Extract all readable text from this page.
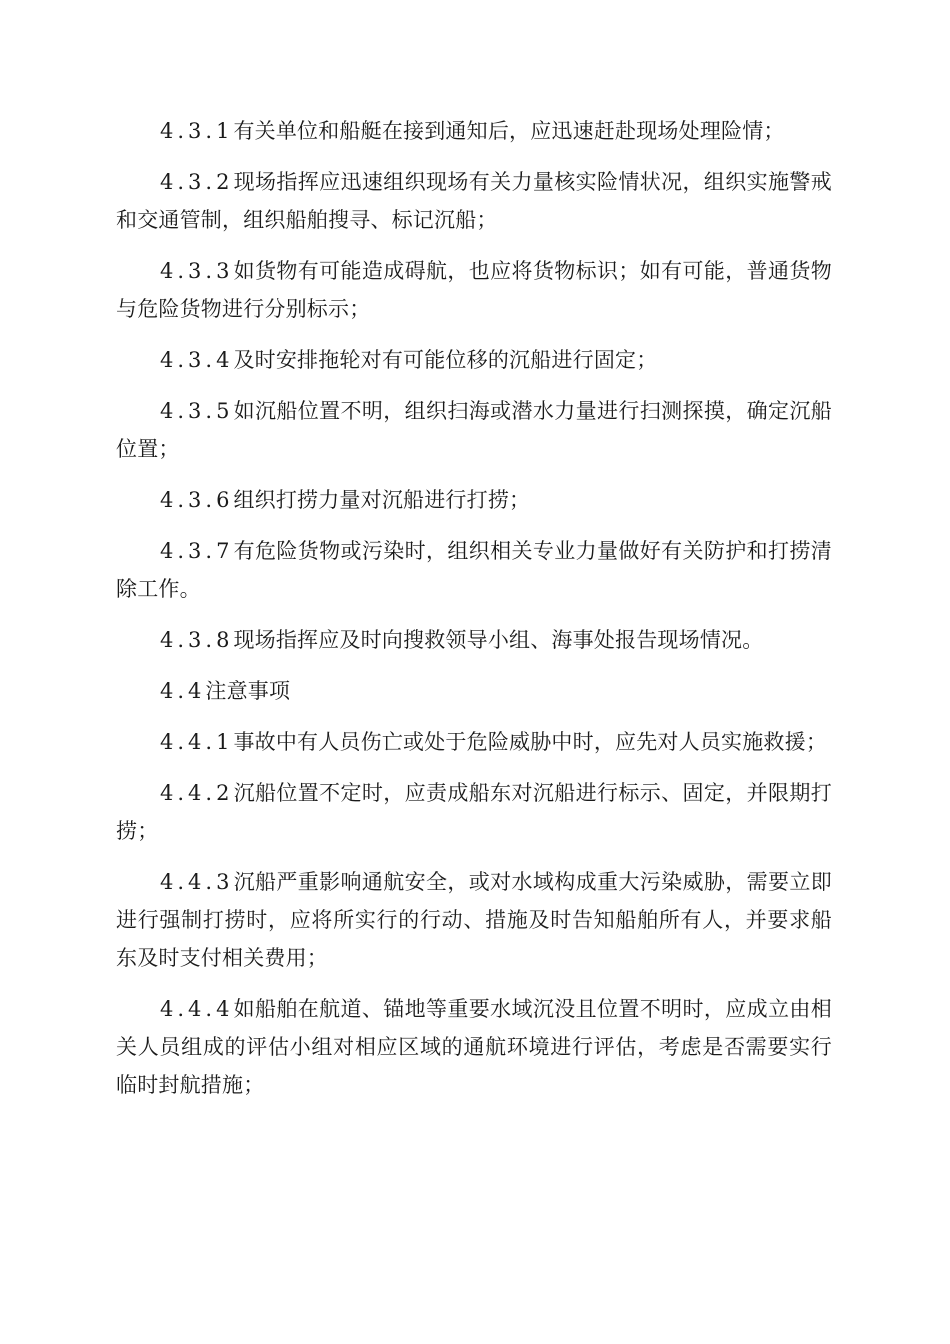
4.3.1有关单位和船艇在接到通知后，应迅速赶赴现场处理险情；

4.3.2现场指挥应迅速组织现场有关力量核实险情状况，组织实施警戒和交通管制，组织船舶搜寻、标记沉船；

4.3.3如货物有可能造成碍航，也应将货物标识；如有可能，普通货物与危险货物进行分别标示；

4.3.4及时安排拖轮对有可能位移的沉船进行固定；

4.3.5如沉船位置不明，组织扫海或潜水力量进行扫测探摸，确定沉船位置；

4.3.6组织打捞力量对沉船进行打捞；

4.3.7有危险货物或污染时，组织相关专业力量做好有关防护和打捞清除工作。

4.3.8现场指挥应及时向搜救领导小组、海事处报告现场情况。

4.4注意事项

4.4.1事故中有人员伤亡或处于危险威胁中时，应先对人员实施救援；

4.4.2沉船位置不定时，应责成船东对沉船进行标示、固定，并限期打捞；

4.4.3沉船严重影响通航安全，或对水域构成重大污染威胁，需要立即进行强制打捞时，应将所实行的行动、措施及时告知船舶所有人，并要求船东及时支付相关费用；

4.4.4如船舶在航道、锚地等重要水域沉没且位置不明时，应成立由相关人员组成的评估小组对相应区域的通航环境进行评估，考虑是否需要实行临时封航措施；
